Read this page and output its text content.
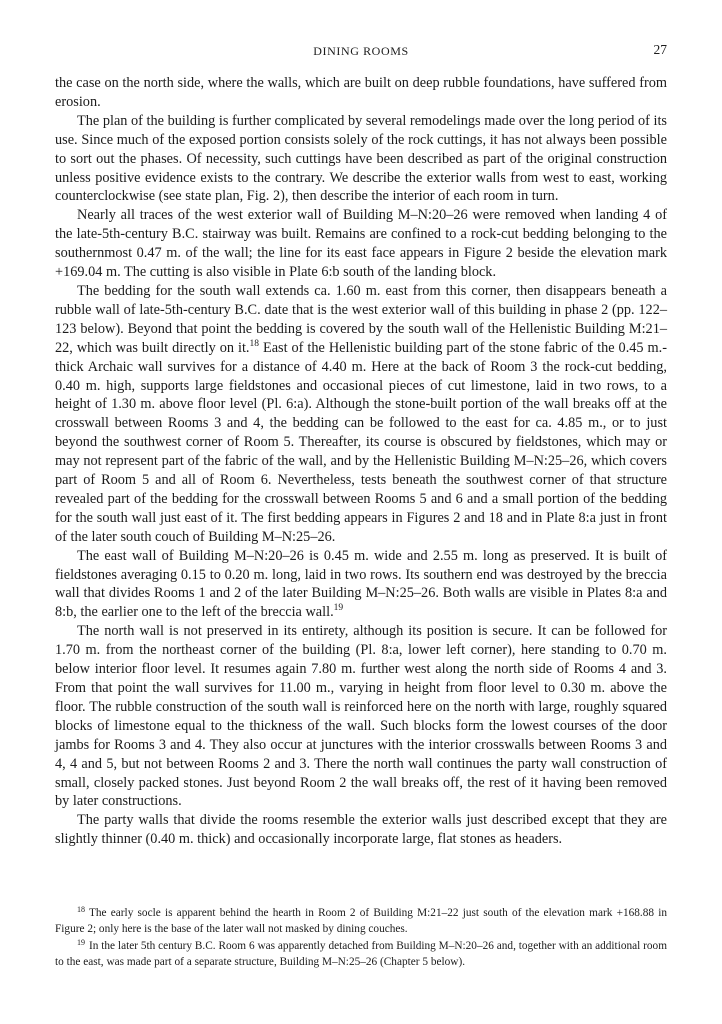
DINING ROOMS	27

the case on the north side, where the walls, which are built on deep rubble foundations, have suffered from erosion.

The plan of the building is further complicated by several remodelings made over the long period of its use. Since much of the exposed portion consists solely of the rock cuttings, it has not always been possible to sort out the phases. Of necessity, such cuttings have been described as part of the original construction unless positive evidence exists to the contrary. We describe the exterior walls from west to east, working counterclockwise (see state plan, Fig. 2), then describe the interior of each room in turn.

Nearly all traces of the west exterior wall of Building M–N:20–26 were removed when landing 4 of the late-5th-century B.C. stairway was built. Remains are confined to a rock-cut bedding belonging to the southernmost 0.47 m. of the wall; the line for its east face appears in Figure 2 beside the elevation mark +169.04 m. The cutting is also visible in Plate 6:b south of the landing block.

The bedding for the south wall extends ca. 1.60 m. east from this corner, then disappears beneath a rubble wall of late-5th-century B.C. date that is the west exterior wall of this building in phase 2 (pp. 122–123 below). Beyond that point the bedding is covered by the south wall of the Hellenistic Building M:21–22, which was built directly on it.$^{18}$ East of the Hellenistic building part of the stone fabric of the 0.45 m.-thick Archaic wall survives for a distance of 4.40 m. Here at the back of Room 3 the rock-cut bedding, 0.40 m. high, supports large fieldstones and occasional pieces of cut limestone, laid in two rows, to a height of 1.30 m. above floor level (Pl. 6:a). Although the stone-built portion of the wall breaks off at the crosswall between Rooms 3 and 4, the bedding can be followed to the east for ca. 4.85 m., or to just beyond the southwest corner of Room 5. Thereafter, its course is obscured by fieldstones, which may or may not represent part of the fabric of the wall, and by the Hellenistic Building M–N:25–26, which covers part of Room 5 and all of Room 6. Nevertheless, tests beneath the southwest corner of that structure revealed part of the bedding for the crosswall between Rooms 5 and 6 and a small portion of the bedding for the south wall just east of it. The first bedding appears in Figures 2 and 18 and in Plate 8:a just in front of the later south couch of Building M–N:25–26.

The east wall of Building M–N:20–26 is 0.45 m. wide and 2.55 m. long as preserved. It is built of fieldstones averaging 0.15 to 0.20 m. long, laid in two rows. Its southern end was destroyed by the breccia wall that divides Rooms 1 and 2 of the later Building M–N:25–26. Both walls are visible in Plates 8:a and 8:b, the earlier one to the left of the breccia wall.$^{19}$

The north wall is not preserved in its entirety, although its position is secure. It can be followed for 1.70 m. from the northeast corner of the building (Pl. 8:a, lower left corner), here standing to 0.70 m. below interior floor level. It resumes again 7.80 m. further west along the north side of Rooms 4 and 3. From that point the wall survives for 11.00 m., varying in height from floor level to 0.30 m. above the floor. The rubble construction of the south wall is reinforced here on the north with large, roughly squared blocks of limestone equal to the thickness of the wall. Such blocks form the lowest courses of the door jambs for Rooms 3 and 4. They also occur at junctures with the interior crosswalls between Rooms 3 and 4, 4 and 5, but not between Rooms 2 and 3. There the north wall continues the party wall construction of small, closely packed stones. Just beyond Room 2 the wall breaks off, the rest of it having been removed by later constructions.

The party walls that divide the rooms resemble the exterior walls just described except that they are slightly thinner (0.40 m. thick) and occasionally incorporate large, flat stones as headers.

$^{18}$ The early socle is apparent behind the hearth in Room 2 of Building M:21–22 just south of the elevation mark +168.88 in Figure 2; only here is the base of the later wall not masked by dining couches.

$^{19}$ In the later 5th century B.C. Room 6 was apparently detached from Building M–N:20–26 and, together with an additional room to the east, was made part of a separate structure, Building M–N:25–26 (Chapter 5 below).
